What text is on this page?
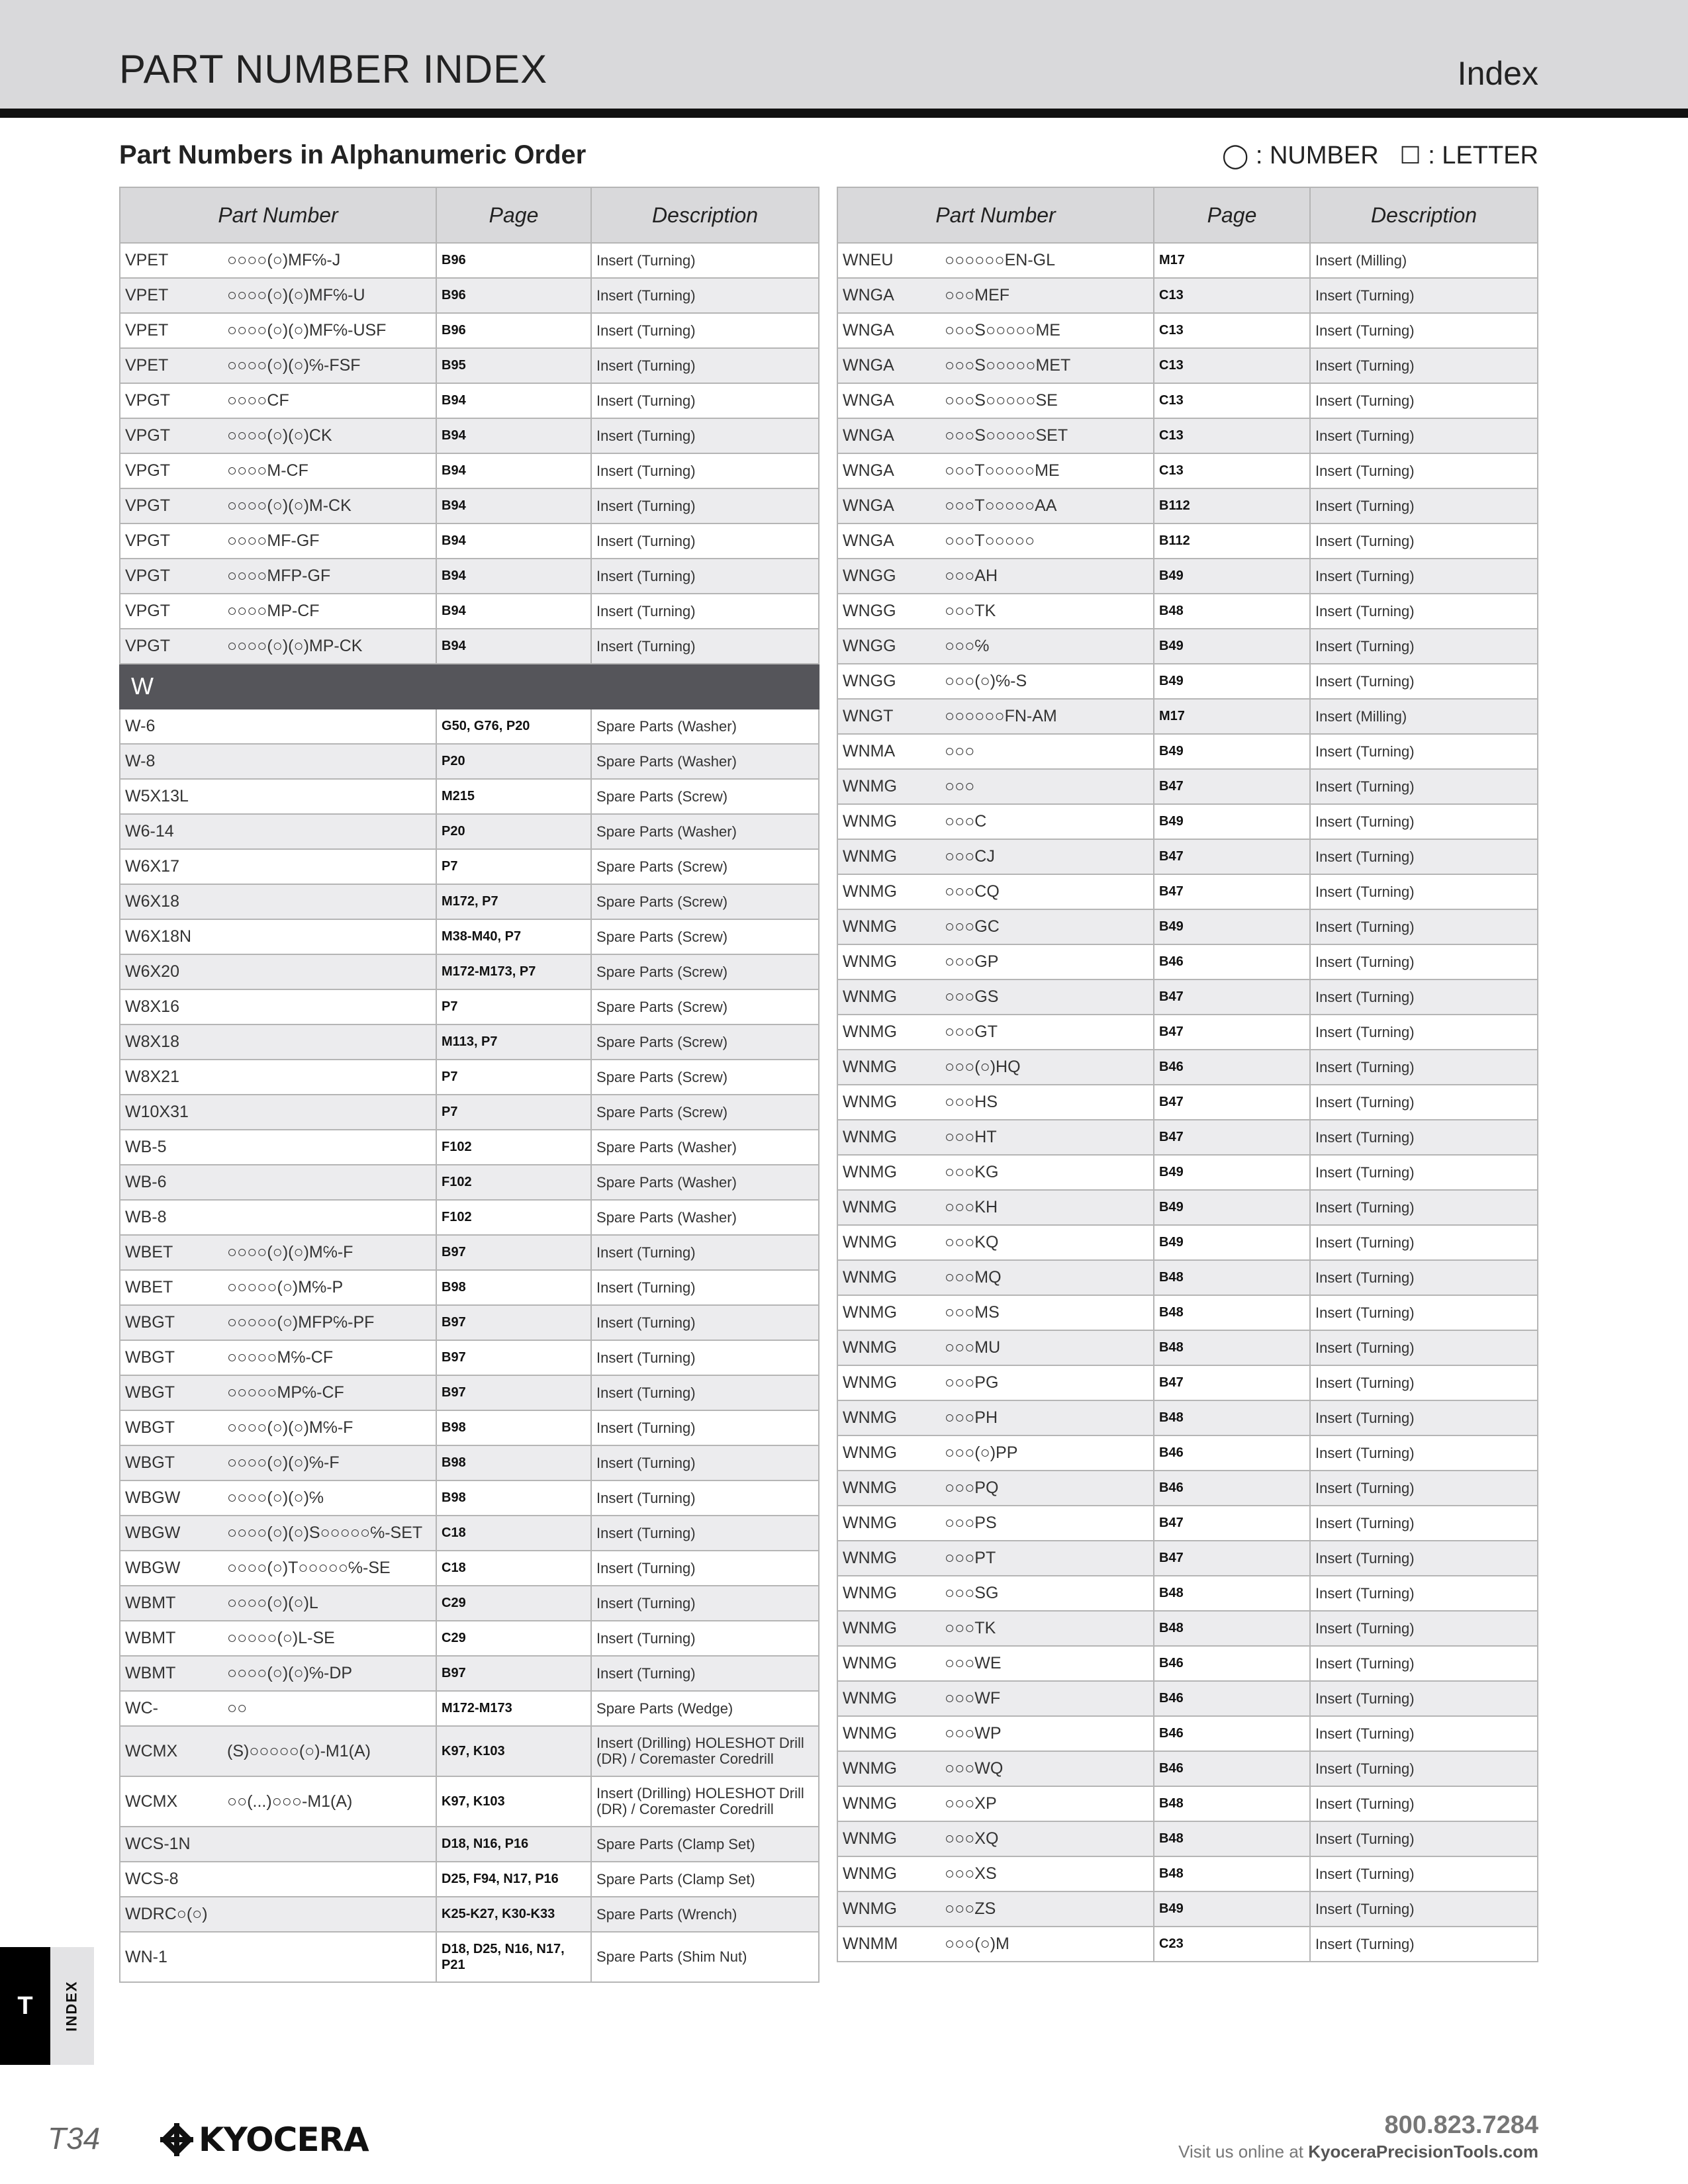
PART NUMBER INDEX	Index
Part Numbers in Alphanumeric Order	◯ : NUMBER ☐ : LETTER
Part Number		Page	Description
VPET	○○○○(○)MF℅-J	B96	Insert (Turning)
VPET	○○○○(○)(○)MF℅-U	B96	Insert (Turning)
VPET	○○○○(○)(○)MF℅-USF	B96	Insert (Turning)
VPET	○○○○(○)(○)℅-FSF	B95	Insert (Turning)
VPGT	○○○○CF	B94	Insert (Turning)
VPGT	○○○○(○)(○)CK	B94	Insert (Turning)
VPGT	○○○○M-CF	B94	Insert (Turning)
VPGT	○○○○(○)(○)M-CK	B94	Insert (Turning)
VPGT	○○○○MF-GF	B94	Insert (Turning)
VPGT	○○○○MFP-GF	B94	Insert (Turning)
VPGT	○○○○MP-CF	B94	Insert (Turning)
VPGT	○○○○(○)(○)MP-CK	B94	Insert (Turning)
W			
W-6		G50, G76, P20	Spare Parts (Washer)
W-8		P20	Spare Parts (Washer)
W5X13L		M215	Spare Parts (Screw)
W6-14		P20	Spare Parts (Washer)
W6X17		P7	Spare Parts (Screw)
W6X18		M172, P7	Spare Parts (Screw)
W6X18N		M38-M40, P7	Spare Parts (Screw)
W6X20		M172-M173, P7	Spare Parts (Screw)
W8X16		P7	Spare Parts (Screw)
W8X18		M113, P7	Spare Parts (Screw)
W8X21		P7	Spare Parts (Screw)
W10X31		P7	Spare Parts (Screw)
WB-5		F102	Spare Parts (Washer)
WB-6		F102	Spare Parts (Washer)
WB-8		F102	Spare Parts (Washer)
WBET	○○○○(○)(○)M℅-F	B97	Insert (Turning)
WBET	○○○○○(○)M℅-P	B98	Insert (Turning)
WBGT	○○○○○(○)MFP℅-PF	B97	Insert (Turning)
WBGT	○○○○○M℅-CF	B97	Insert (Turning)
WBGT	○○○○○MP℅-CF	B97	Insert (Turning)
WBGT	○○○○(○)(○)M℅-F	B98	Insert (Turning)
WBGT	○○○○(○)(○)℅-F	B98	Insert (Turning)
WBGW	○○○○(○)(○)℅	B98	Insert (Turning)
WBGW	○○○○(○)(○)S○○○○○℅-SET	C18	Insert (Turning)
WBGW	○○○○(○)T○○○○○℅-SE	C18	Insert (Turning)
WBMT	○○○○(○)(○)L	C29	Insert (Turning)
WBMT	○○○○○(○)L-SE	C29	Insert (Turning)
WBMT	○○○○(○)(○)℅-DP	B97	Insert (Turning)
WC-	○○	M172-M173	Spare Parts (Wedge)
WCMX	(S)○○○○○(○)-M1(A)	K97, K103	Insert (Drilling) HOLESHOT Drill (DR) / Coremaster Coredrill
WCMX	○○(...)○○○-M1(A)	K97, K103	Insert (Drilling) HOLESHOT Drill (DR) / Coremaster Coredrill
WCS-1N		D18, N16, P16	Spare Parts (Clamp Set)
WCS-8		D25, F94, N17, P16	Spare Parts (Clamp Set)
WDRC○(○)		K25-K27, K30-K33	Spare Parts (Wrench)
WN-1		D18, D25, N16, N17, P21	Spare Parts (Shim Nut)
Part Number		Page	Description
WNEU	○○○○○○EN-GL	M17	Insert (Milling)
WNGA	○○○MEF	C13	Insert (Turning)
WNGA	○○○S○○○○○ME	C13	Insert (Turning)
WNGA	○○○S○○○○○MET	C13	Insert (Turning)
WNGA	○○○S○○○○○SE	C13	Insert (Turning)
WNGA	○○○S○○○○○SET	C13	Insert (Turning)
WNGA	○○○T○○○○○ME	C13	Insert (Turning)
WNGA	○○○T○○○○○AA	B112	Insert (Turning)
WNGA	○○○T○○○○○	B112	Insert (Turning)
WNGG	○○○AH	B49	Insert (Turning)
WNGG	○○○TK	B48	Insert (Turning)
WNGG	○○○℅	B49	Insert (Turning)
WNGG	○○○(○)℅-S	B49	Insert (Turning)
WNGT	○○○○○○FN-AM	M17	Insert (Milling)
WNMA	○○○	B49	Insert (Turning)
WNMG	○○○	B47	Insert (Turning)
WNMG	○○○C	B49	Insert (Turning)
WNMG	○○○CJ	B47	Insert (Turning)
WNMG	○○○CQ	B47	Insert (Turning)
WNMG	○○○GC	B49	Insert (Turning)
WNMG	○○○GP	B46	Insert (Turning)
WNMG	○○○GS	B47	Insert (Turning)
WNMG	○○○GT	B47	Insert (Turning)
WNMG	○○○(○)HQ	B46	Insert (Turning)
WNMG	○○○HS	B47	Insert (Turning)
WNMG	○○○HT	B47	Insert (Turning)
WNMG	○○○KG	B49	Insert (Turning)
WNMG	○○○KH	B49	Insert (Turning)
WNMG	○○○KQ	B49	Insert (Turning)
WNMG	○○○MQ	B48	Insert (Turning)
WNMG	○○○MS	B48	Insert (Turning)
WNMG	○○○MU	B48	Insert (Turning)
WNMG	○○○PG	B47	Insert (Turning)
WNMG	○○○PH	B48	Insert (Turning)
WNMG	○○○(○)PP	B46	Insert (Turning)
WNMG	○○○PQ	B46	Insert (Turning)
WNMG	○○○PS	B47	Insert (Turning)
WNMG	○○○PT	B47	Insert (Turning)
WNMG	○○○SG	B48	Insert (Turning)
WNMG	○○○TK	B48	Insert (Turning)
WNMG	○○○WE	B46	Insert (Turning)
WNMG	○○○WF	B46	Insert (Turning)
WNMG	○○○WP	B46	Insert (Turning)
WNMG	○○○WQ	B46	Insert (Turning)
WNMG	○○○XP	B48	Insert (Turning)
WNMG	○○○XQ	B48	Insert (Turning)
WNMG	○○○XS	B48	Insert (Turning)
WNMG	○○○ZS	B49	Insert (Turning)
WNMM	○○○(○)M	C23	Insert (Turning)
T	INDEX
T34	KYOCERA	800.823.7284
Visit us online at KyoceraPrecisionTools.com
